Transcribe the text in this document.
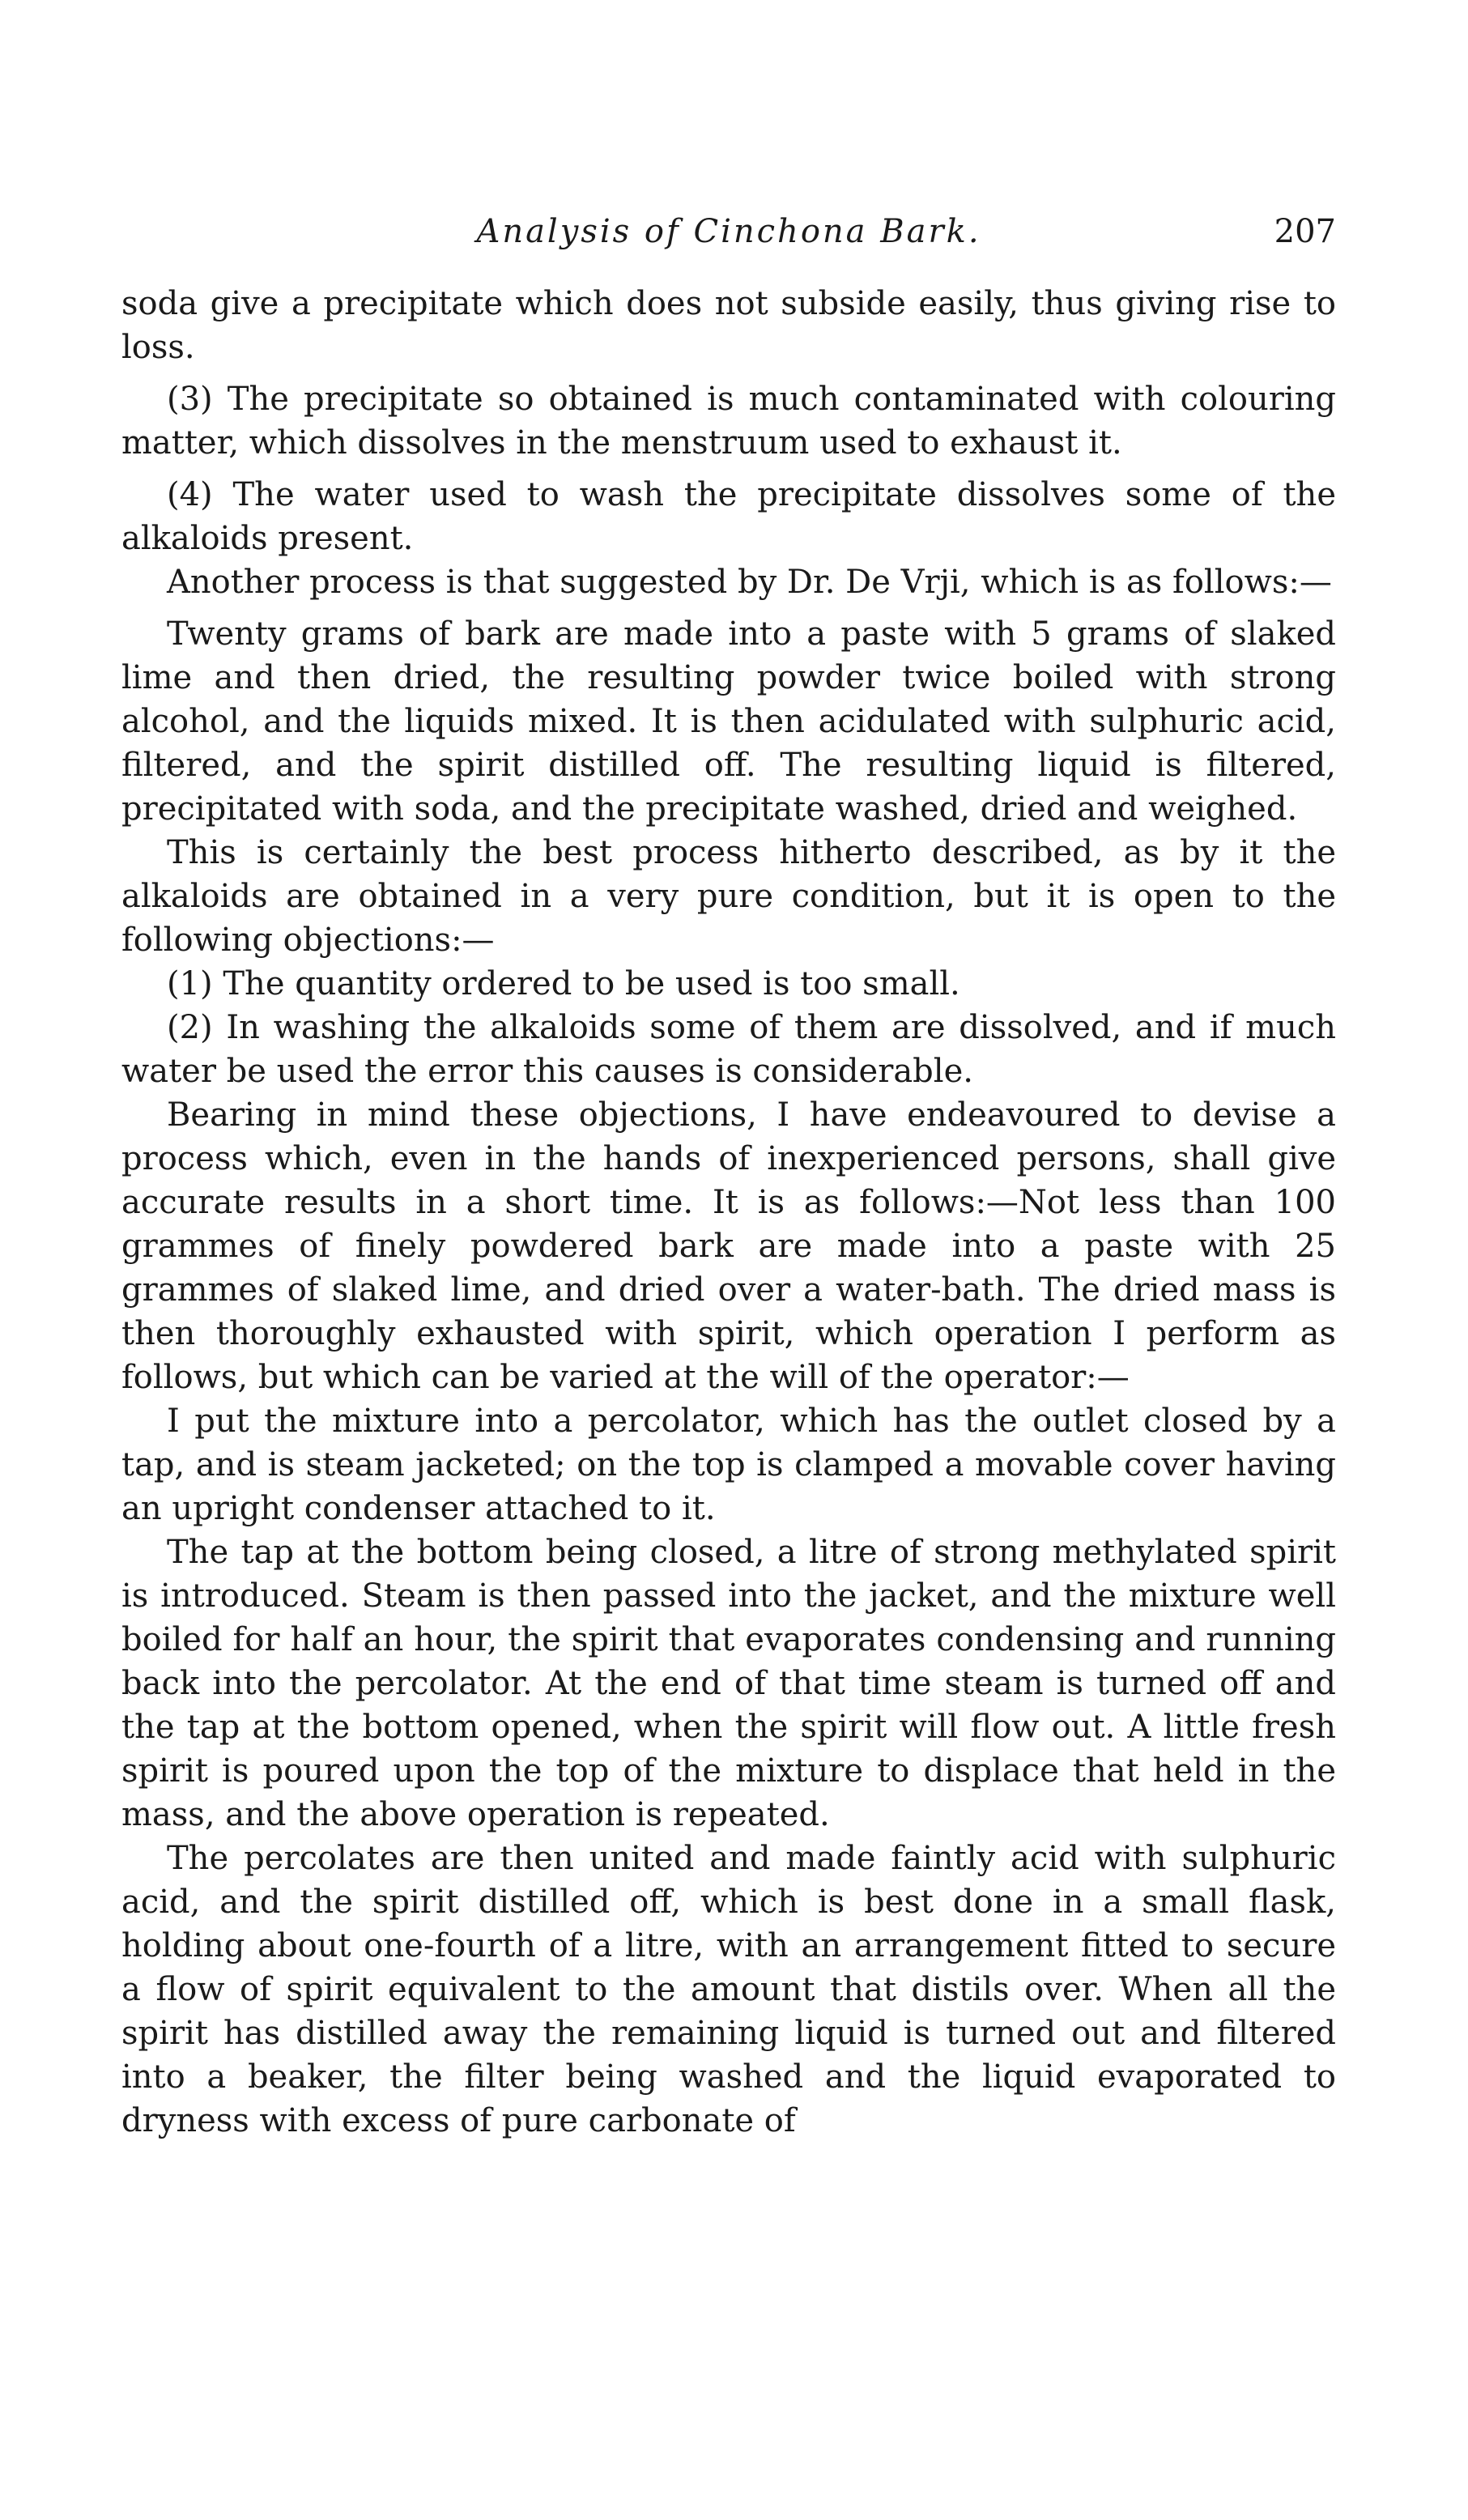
Analysis of Cinchona Bark.	207

soda give a precipitate which does not subside easily, thus giving rise to loss.

(3) The precipitate so obtained is much contaminated with colouring matter, which dissolves in the menstruum used to exhaust it.

(4) The water used to wash the precipitate dissolves some of the alkaloids present.

Another process is that suggested by Dr. De Vrji, which is as follows:—

Twenty grams of bark are made into a paste with 5 grams of slaked lime and then dried, the resulting powder twice boiled with strong alcohol, and the liquids mixed. It is then acidulated with sulphuric acid, filtered, and the spirit distilled off. The resulting liquid is filtered, precipitated with soda, and the precipitate washed, dried and weighed.

This is certainly the best process hitherto described, as by it the alkaloids are obtained in a very pure condition, but it is open to the following objections:—

(1) The quantity ordered to be used is too small.

(2) In washing the alkaloids some of them are dissolved, and if much water be used the error this causes is considerable.

Bearing in mind these objections, I have endeavoured to devise a process which, even in the hands of inexperienced persons, shall give accurate results in a short time. It is as follows:—Not less than 100 grammes of finely powdered bark are made into a paste with 25 grammes of slaked lime, and dried over a water-bath. The dried mass is then thoroughly exhausted with spirit, which operation I perform as follows, but which can be varied at the will of the operator:—

I put the mixture into a percolator, which has the outlet closed by a tap, and is steam jacketed; on the top is clamped a movable cover having an upright condenser attached to it.

The tap at the bottom being closed, a litre of strong methylated spirit is introduced. Steam is then passed into the jacket, and the mixture well boiled for half an hour, the spirit that evaporates condensing and running back into the percolator. At the end of that time steam is turned off and the tap at the bottom opened, when the spirit will flow out. A little fresh spirit is poured upon the top of the mixture to displace that held in the mass, and the above operation is repeated.

The percolates are then united and made faintly acid with sulphuric acid, and the spirit distilled off, which is best done in a small flask, holding about one-fourth of a litre, with an arrangement fitted to secure a flow of spirit equivalent to the amount that distils over. When all the spirit has distilled away the remaining liquid is turned out and filtered into a beaker, the filter being washed and the liquid evaporated to dryness with excess of pure carbonate of
